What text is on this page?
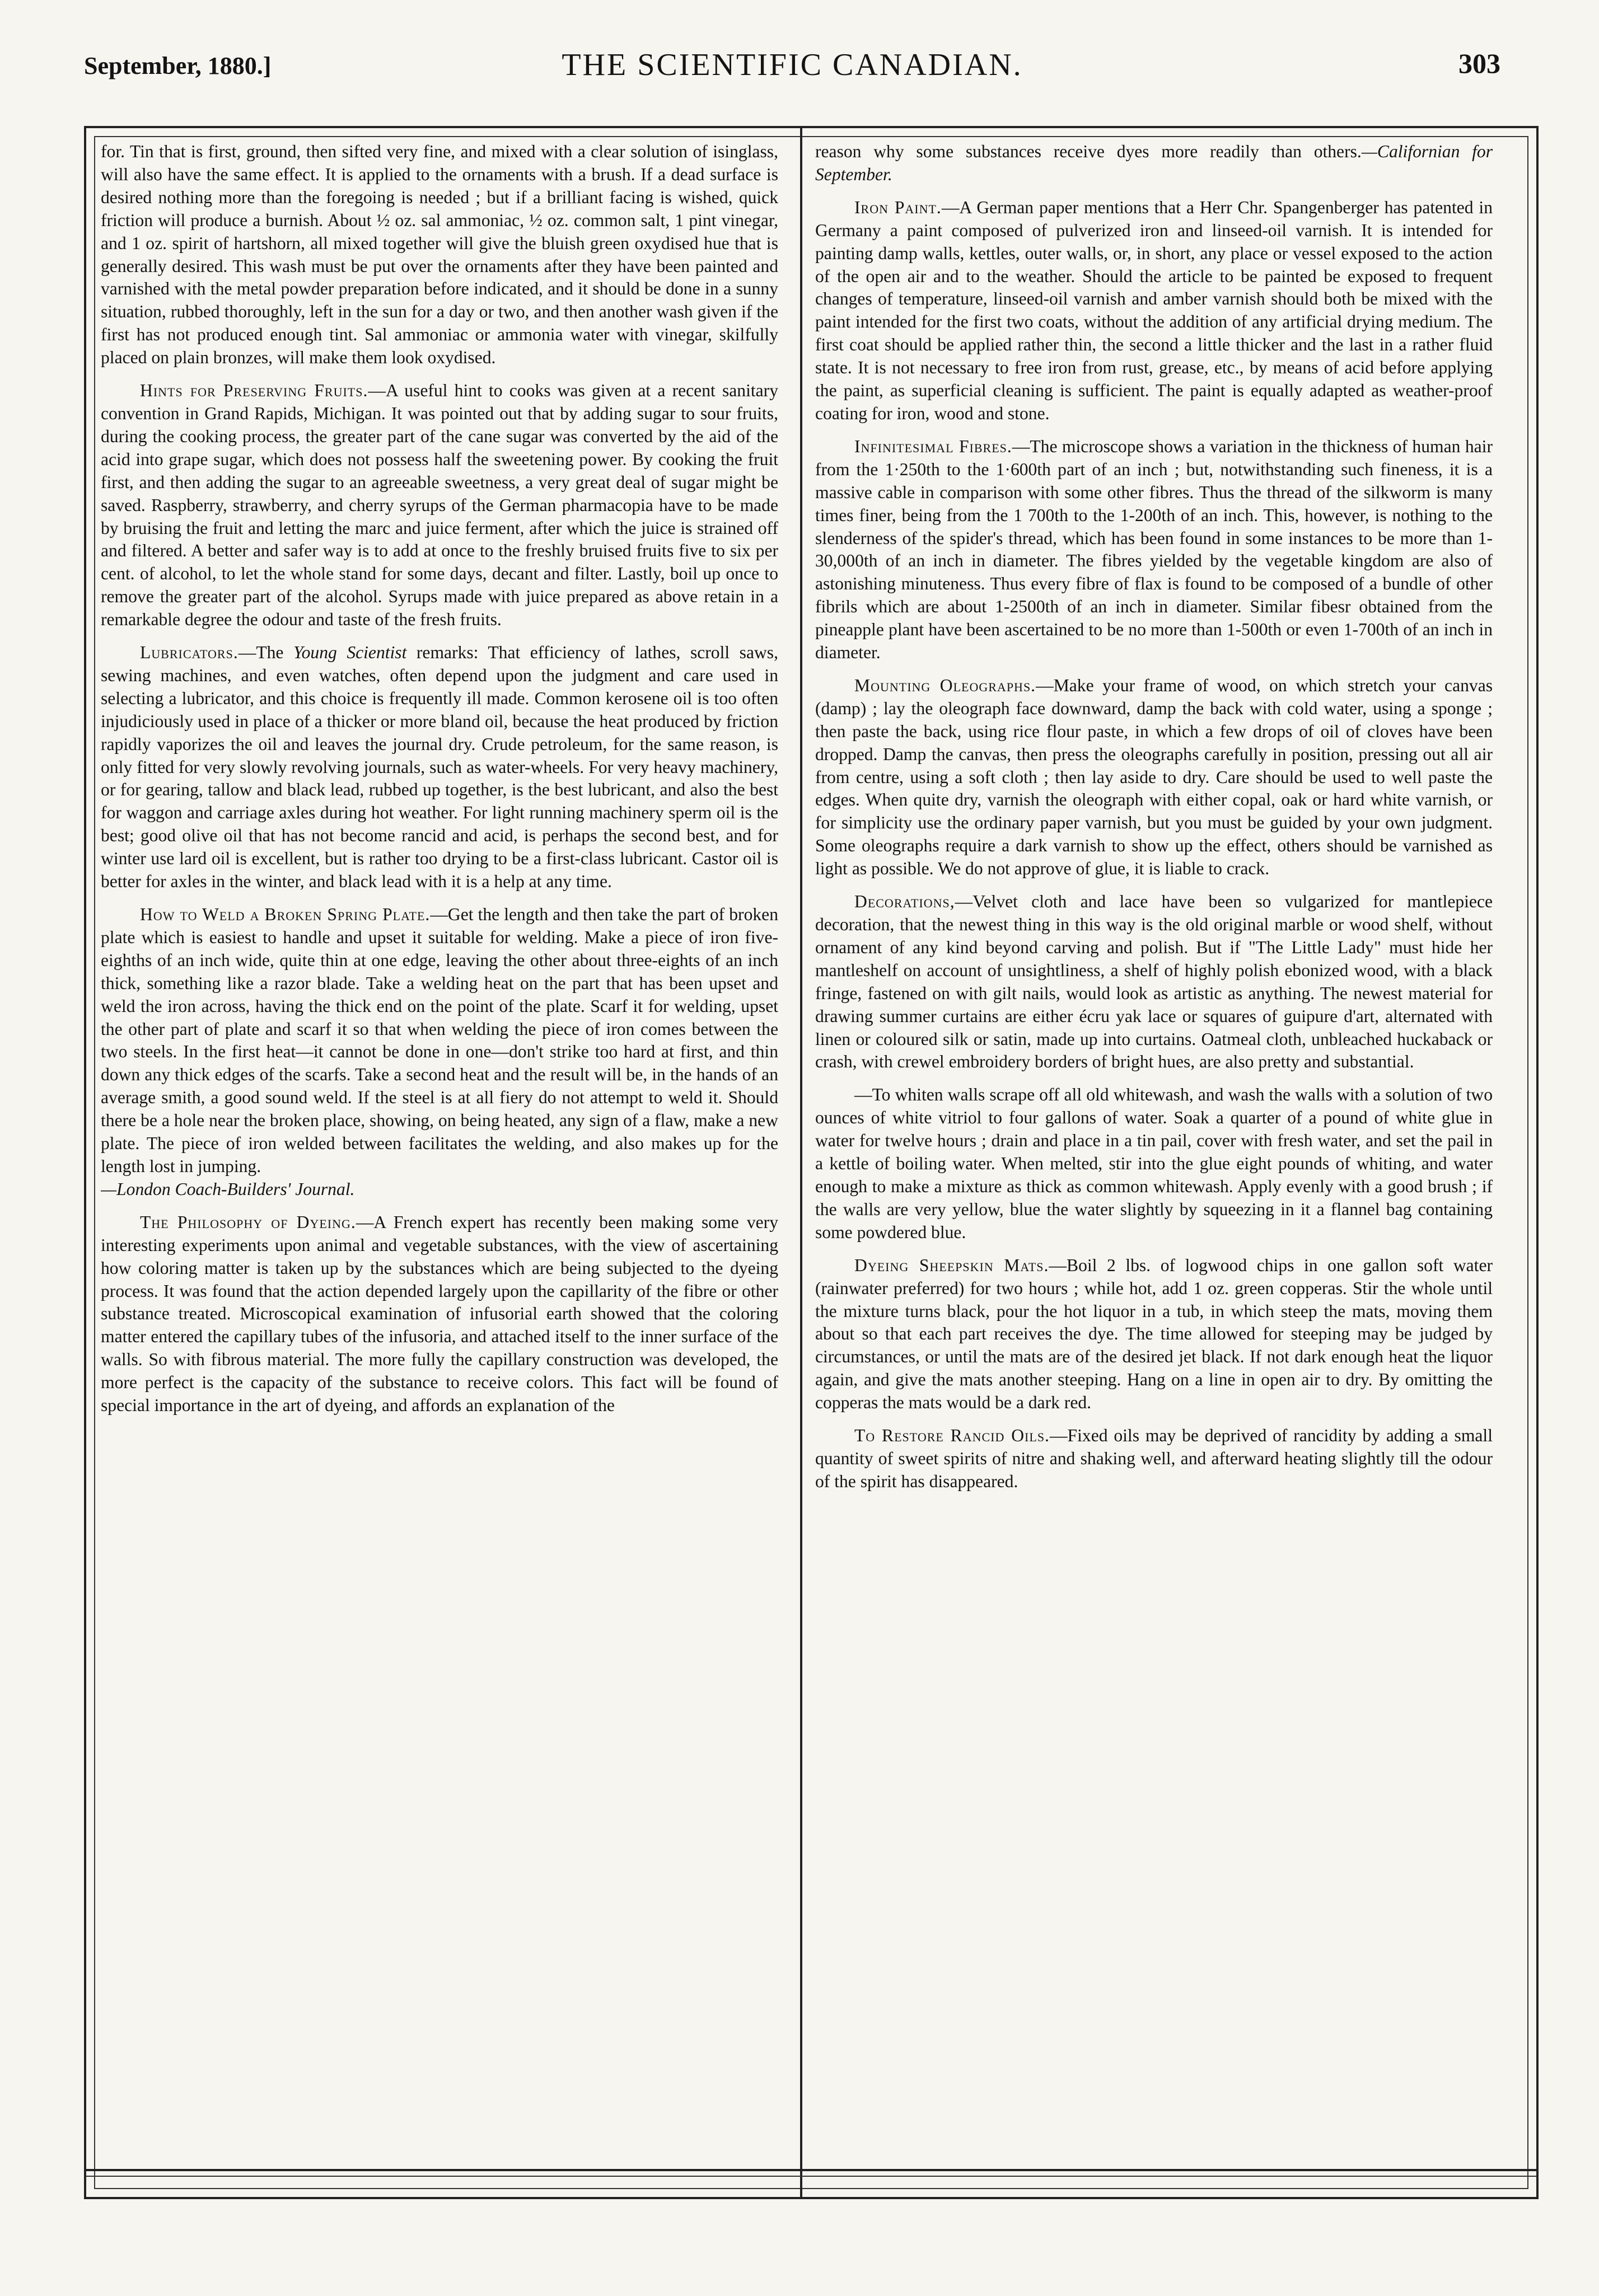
September, 1880.]	THE SCIENTIFIC CANADIAN.	303

for. Tin that is first, ground, then sifted very fine, and mixed with a clear solution of isinglass, will also have the same effect. It is applied to the ornaments with a brush. If a dead surface is desired nothing more than the foregoing is needed ; but if a brilliant facing is wished, quick friction will produce a burnish. About ½ oz. sal ammoniac, ½ oz. common salt, 1 pint vinegar, and 1 oz. spirit of hartshorn, all mixed together will give the bluish green oxydised hue that is generally desired. This wash must be put over the ornaments after they have been painted and varnished with the metal powder preparation before indicated, and it should be done in a sunny situation, rubbed thoroughly, left in the sun for a day or two, and then another wash given if the first has not produced enough tint. Sal ammoniac or ammonia water with vinegar, skilfully placed on plain bronzes, will make them look oxydised.

Hints for Preserving Fruits.—A useful hint to cooks was given at a recent sanitary convention in Grand Rapids, Michigan. It was pointed out that by adding sugar to sour fruits, during the cooking process, the greater part of the cane sugar was converted by the aid of the acid into grape sugar, which does not possess half the sweetening power. By cooking the fruit first, and then adding the sugar to an agreeable sweetness, a very great deal of sugar might be saved. Raspberry, strawberry, and cherry syrups of the German pharmacopia have to be made by bruising the fruit and letting the marc and juice ferment, after which the juice is strained off and filtered. A better and safer way is to add at once to the freshly bruised fruits five to six per cent. of alcohol, to let the whole stand for some days, decant and filter. Lastly, boil up once to remove the greater part of the alcohol. Syrups made with juice prepared as above retain in a remarkable degree the odour and taste of the fresh fruits.

Lubricators.—The Young Scientist remarks: That efficiency of lathes, scroll saws, sewing machines, and even watches, often depend upon the judgment and care used in selecting a lubricator, and this choice is frequently ill made. Common kerosene oil is too often injudiciously used in place of a thicker or more bland oil, because the heat produced by friction rapidly vaporizes the oil and leaves the journal dry. Crude petroleum, for the same reason, is only fitted for very slowly revolving journals, such as water-wheels. For very heavy machinery, or for gearing, tallow and black lead, rubbed up together, is the best lubricant, and also the best for waggon and carriage axles during hot weather. For light running machinery sperm oil is the best; good olive oil that has not become rancid and acid, is perhaps the second best, and for winter use lard oil is excellent, but is rather too drying to be a first-class lubricant. Castor oil is better for axles in the winter, and black lead with it is a help at any time.

How to Weld a Broken Spring Plate.—Get the length and then take the part of broken plate which is easiest to handle and upset it suitable for welding. Make a piece of iron five-eighths of an inch wide, quite thin at one edge, leaving the other about three-eights of an inch thick, something like a razor blade. Take a welding heat on the part that has been upset and weld the iron across, having the thick end on the point of the plate. Scarf it for welding, upset the other part of plate and scarf it so that when welding the piece of iron comes between the two steels. In the first heat—it cannot be done in one—don't strike too hard at first, and thin down any thick edges of the scarfs. Take a second heat and the result will be, in the hands of an average smith, a good sound weld. If the steel is at all fiery do not attempt to weld it. Should there be a hole near the broken place, showing, on being heated, any sign of a flaw, make a new plate. The piece of iron welded between facilitates the welding, and also makes up for the length lost in jumping.
—London Coach-Builders' Journal.

The Philosophy of Dyeing.—A French expert has recently been making some very interesting experiments upon animal and vegetable substances, with the view of ascertaining how coloring matter is taken up by the substances which are being subjected to the dyeing process. It was found that the action depended largely upon the capillarity of the fibre or other substance treated. Microscopical examination of infusorial earth showed that the coloring matter entered the capillary tubes of the infusoria, and attached itself to the inner surface of the walls. So with fibrous material. The more fully the capillary construction was developed, the more perfect is the capacity of the substance to receive colors. This fact will be found of special importance in the art of dyeing, and affords an explanation of the

reason why some substances receive dyes more readily than others.—Californian for September.

Iron Paint.—A German paper mentions that a Herr Chr. Spangenberger has patented in Germany a paint composed of pulverized iron and linseed-oil varnish. It is intended for painting damp walls, kettles, outer walls, or, in short, any place or vessel exposed to the action of the open air and to the weather. Should the article to be painted be exposed to frequent changes of temperature, linseed-oil varnish and amber varnish should both be mixed with the paint intended for the first two coats, without the addition of any artificial drying medium. The first coat should be applied rather thin, the second a little thicker and the last in a rather fluid state. It is not necessary to free iron from rust, grease, etc., by means of acid before applying the paint, as superficial cleaning is sufficient. The paint is equally adapted as weather-proof coating for iron, wood and stone.

Infinitesimal Fibres.—The microscope shows a variation in the thickness of human hair from the 1·250th to the 1·600th part of an inch ; but, notwithstanding such fineness, it is a massive cable in comparison with some other fibres. Thus the thread of the silkworm is many times finer, being from the 1 700th to the 1-200th of an inch. This, however, is nothing to the slenderness of the spider's thread, which has been found in some instances to be more than 1-30,000th of an inch in diameter. The fibres yielded by the vegetable kingdom are also of astonishing minuteness. Thus every fibre of flax is found to be composed of a bundle of other fibrils which are about 1-2500th of an inch in diameter. Similar fibesr obtained from the pineapple plant have been ascertained to be no more than 1-500th or even 1-700th of an inch in diameter.

Mounting Oleographs.—Make your frame of wood, on which stretch your canvas (damp) ; lay the oleograph face downward, damp the back with cold water, using a sponge ; then paste the back, using rice flour paste, in which a few drops of oil of cloves have been dropped. Damp the canvas, then press the oleographs carefully in position, pressing out all air from centre, using a soft cloth ; then lay aside to dry. Care should be used to well paste the edges. When quite dry, varnish the oleograph with either copal, oak or hard white varnish, or for simplicity use the ordinary paper varnish, but you must be guided by your own judgment. Some oleographs require a dark varnish to show up the effect, others should be varnished as light as possible. We do not approve of glue, it is liable to crack.

Decorations,—Velvet cloth and lace have been so vulgarized for mantlepiece decoration, that the newest thing in this way is the old original marble or wood shelf, without ornament of any kind beyond carving and polish. But if "The Little Lady" must hide her mantleshelf on account of unsightliness, a shelf of highly polish ebonized wood, with a black fringe, fastened on with gilt nails, would look as artistic as anything. The newest material for drawing summer curtains are either écru yak lace or squares of guipure d'art, alternated with linen or coloured silk or satin, made up into curtains. Oatmeal cloth, unbleached huckaback or crash, with crewel embroidery borders of bright hues, are also pretty and substantial.

—To whiten walls scrape off all old whitewash, and wash the walls with a solution of two ounces of white vitriol to four gallons of water. Soak a quarter of a pound of white glue in water for twelve hours ; drain and place in a tin pail, cover with fresh water, and set the pail in a kettle of boiling water. When melted, stir into the glue eight pounds of whiting, and water enough to make a mixture as thick as common whitewash. Apply evenly with a good brush ; if the walls are very yellow, blue the water slightly by squeezing in it a flannel bag containing some powdered blue.

Dyeing Sheepskin Mats.—Boil 2 lbs. of logwood chips in one gallon soft water (rainwater preferred) for two hours ; while hot, add 1 oz. green copperas. Stir the whole until the mixture turns black, pour the hot liquor in a tub, in which steep the mats, moving them about so that each part receives the dye. The time allowed for steeping may be judged by circumstances, or until the mats are of the desired jet black. If not dark enough heat the liquor again, and give the mats another steeping. Hang on a line in open air to dry. By omitting the copperas the mats would be a dark red.

To Restore Rancid Oils.—Fixed oils may be deprived of rancidity by adding a small quantity of sweet spirits of nitre and shaking well, and afterward heating slightly till the odour of the spirit has disappeared.
